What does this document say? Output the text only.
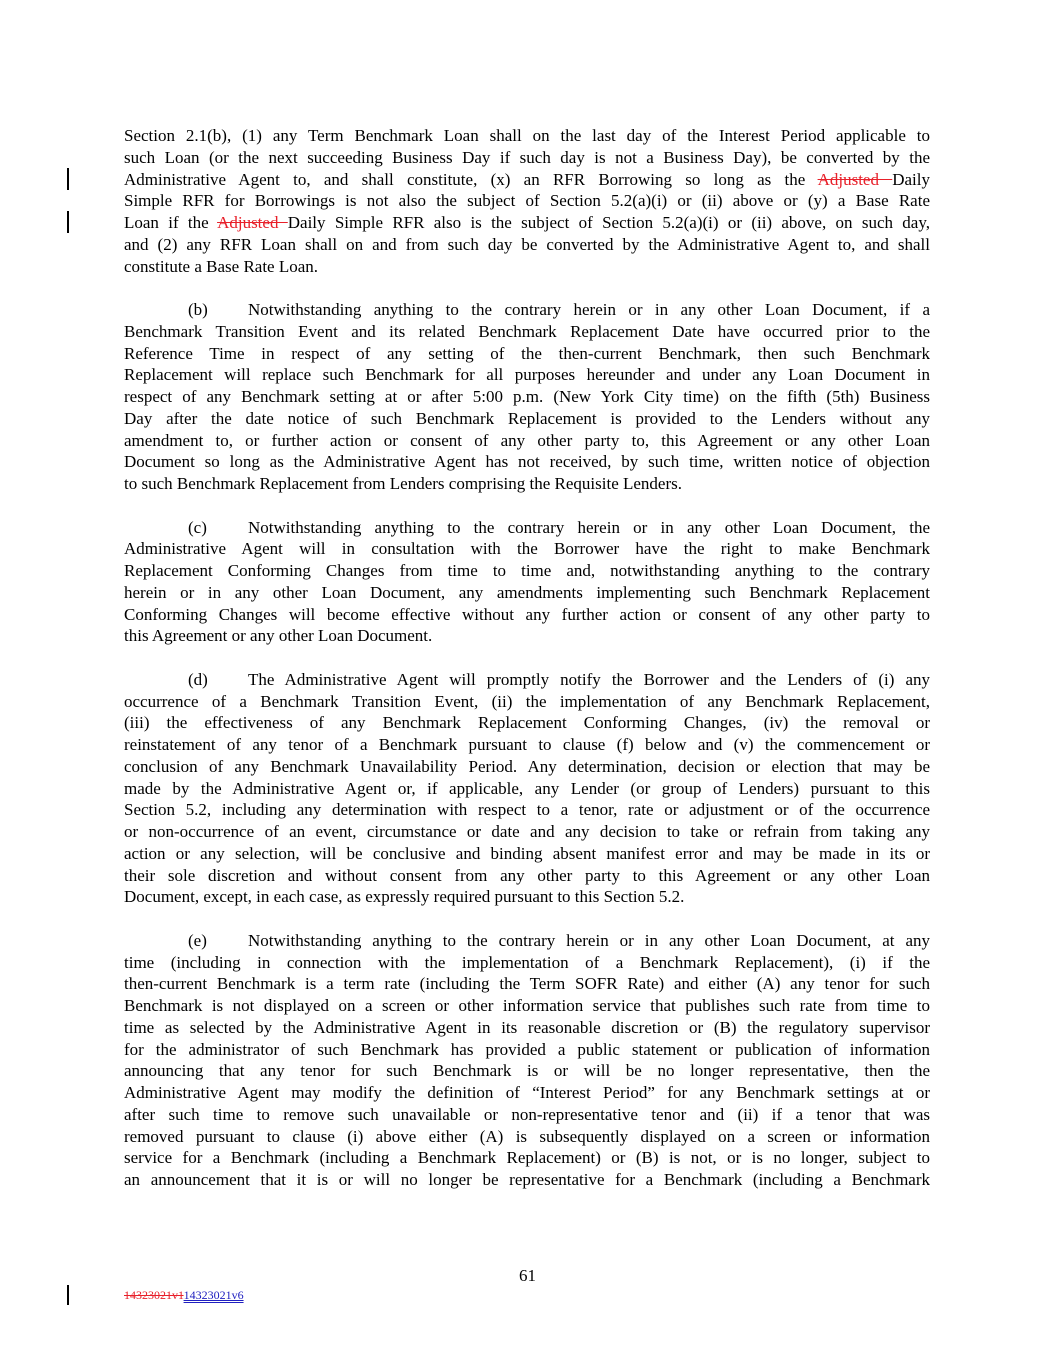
Section 2.1(b), (1) any Term Benchmark Loan shall on the last day of the Interest Period applicable to
such Loan (or the next succeeding Business Day if such day is not a Business Day), be converted by the
Administrative Agent to, and shall constitute, (x) an RFR Borrowing so long as the Adjusted Daily
Simple RFR for Borrowings is not also the subject of Section 5.2(a)(i) or (ii) above or (y) a Base Rate
Loan if the Adjusted Daily Simple RFR also is the subject of Section 5.2(a)(i) or (ii) above, on such day,
and (2) any RFR Loan shall on and from such day be converted by the Administrative Agent to, and shall
constitute a Base Rate Loan.
(b) Notwithstanding anything to the contrary herein or in any other Loan Document, if a
Benchmark Transition Event and its related Benchmark Replacement Date have occurred prior to the
Reference Time in respect of any setting of the then-current Benchmark, then such Benchmark
Replacement will replace such Benchmark for all purposes hereunder and under any Loan Document in
respect of any Benchmark setting at or after 5:00 p.m. (New York City time) on the fifth (5th) Business
Day after the date notice of such Benchmark Replacement is provided to the Lenders without any
amendment to, or further action or consent of any other party to, this Agreement or any other Loan
Document so long as the Administrative Agent has not received, by such time, written notice of objection
to such Benchmark Replacement from Lenders comprising the Requisite Lenders.
(c) Notwithstanding anything to the contrary herein or in any other Loan Document, the
Administrative Agent will in consultation with the Borrower have the right to make Benchmark
Replacement Conforming Changes from time to time and, notwithstanding anything to the contrary
herein or in any other Loan Document, any amendments implementing such Benchmark Replacement
Conforming Changes will become effective without any further action or consent of any other party to
this Agreement or any other Loan Document.
(d) The Administrative Agent will promptly notify the Borrower and the Lenders of (i) any
occurrence of a Benchmark Transition Event, (ii) the implementation of any Benchmark Replacement,
(iii) the effectiveness of any Benchmark Replacement Conforming Changes, (iv) the removal or
reinstatement of any tenor of a Benchmark pursuant to clause (f) below and (v) the commencement or
conclusion of any Benchmark Unavailability Period. Any determination, decision or election that may be
made by the Administrative Agent or, if applicable, any Lender (or group of Lenders) pursuant to this
Section 5.2, including any determination with respect to a tenor, rate or adjustment or of the occurrence
or non-occurrence of an event, circumstance or date and any decision to take or refrain from taking any
action or any selection, will be conclusive and binding absent manifest error and may be made in its or
their sole discretion and without consent from any other party to this Agreement or any other Loan
Document, except, in each case, as expressly required pursuant to this Section 5.2.
(e) Notwithstanding anything to the contrary herein or in any other Loan Document, at any
time (including in connection with the implementation of a Benchmark Replacement), (i) if the
then-current Benchmark is a term rate (including the Term SOFR Rate) and either (A) any tenor for such
Benchmark is not displayed on a screen or other information service that publishes such rate from time to
time as selected by the Administrative Agent in its reasonable discretion or (B) the regulatory supervisor
for the administrator of such Benchmark has provided a public statement or publication of information
announcing that any tenor for such Benchmark is or will be no longer representative, then the
Administrative Agent may modify the definition of “Interest Period” for any Benchmark settings at or
after such time to remove such unavailable or non-representative tenor and (ii) if a tenor that was
removed pursuant to clause (i) above either (A) is subsequently displayed on a screen or information
service for a Benchmark (including a Benchmark Replacement) or (B) is not, or is no longer, subject to
an announcement that it is or will no longer be representative for a Benchmark (including a Benchmark
61
14323021v114323021v6
